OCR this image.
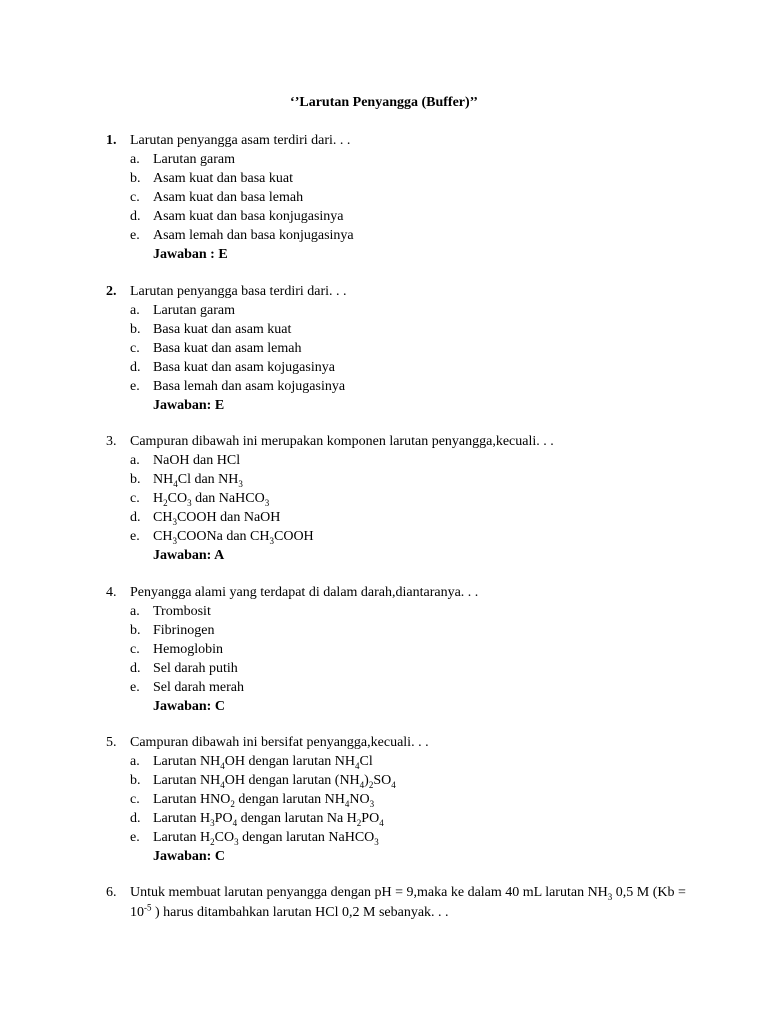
‘’Larutan Penyangga (Buffer)’’
1. Larutan penyangga asam terdiri dari. . .
a. Larutan garam
b. Asam kuat dan basa kuat
c. Asam kuat dan basa lemah
d. Asam kuat dan basa konjugasinya
e. Asam lemah dan basa konjugasinya
Jawaban : E
2. Larutan penyangga basa terdiri dari. . .
a. Larutan garam
b. Basa kuat dan asam kuat
c. Basa kuat dan asam lemah
d. Basa kuat dan asam kojugasinya
e. Basa lemah dan asam kojugasinya
Jawaban: E
3. Campuran dibawah ini merupakan komponen larutan penyangga,kecuali. . .
a. NaOH dan HCl
b. $NH_4Cl$ dan $NH_3$
c. $H_2CO_3$ dan NaHCO$_3$
d. $CH_3COOH$ dan NaOH
e. $CH_3COONa$ dan $CH_3COOH$
Jawaban: A
4. Penyangga alami yang terdapat di dalam darah,diantaranya. . .
a. Trombosit
b. Fibrinogen
c. Hemoglobin
d. Sel darah putih
e. Sel darah merah
Jawaban: C
5. Campuran dibawah ini bersifat penyangga,kecuali. . .
a. Larutan $NH_4OH$ dengan larutan $NH_4Cl$
b. Larutan $NH_4OH$ dengan larutan $(NH_4)_2SO_4$
c. Larutan $HNO_2$ dengan larutan $NH_4NO_3$
d. Larutan $H_3PO_4$ dengan larutan Na $H_2PO_4$
e. Larutan $H_2CO_3$ dengan larutan NaHCO$_3$
Jawaban: C
6. Untuk membuat larutan penyangga dengan pH = 9,maka ke dalam 40 mL larutan $NH_3$ 0,5 M ($Kb = 10^{-5}$ ) harus ditambahkan larutan HCl 0,2 M sebanyak. . .
